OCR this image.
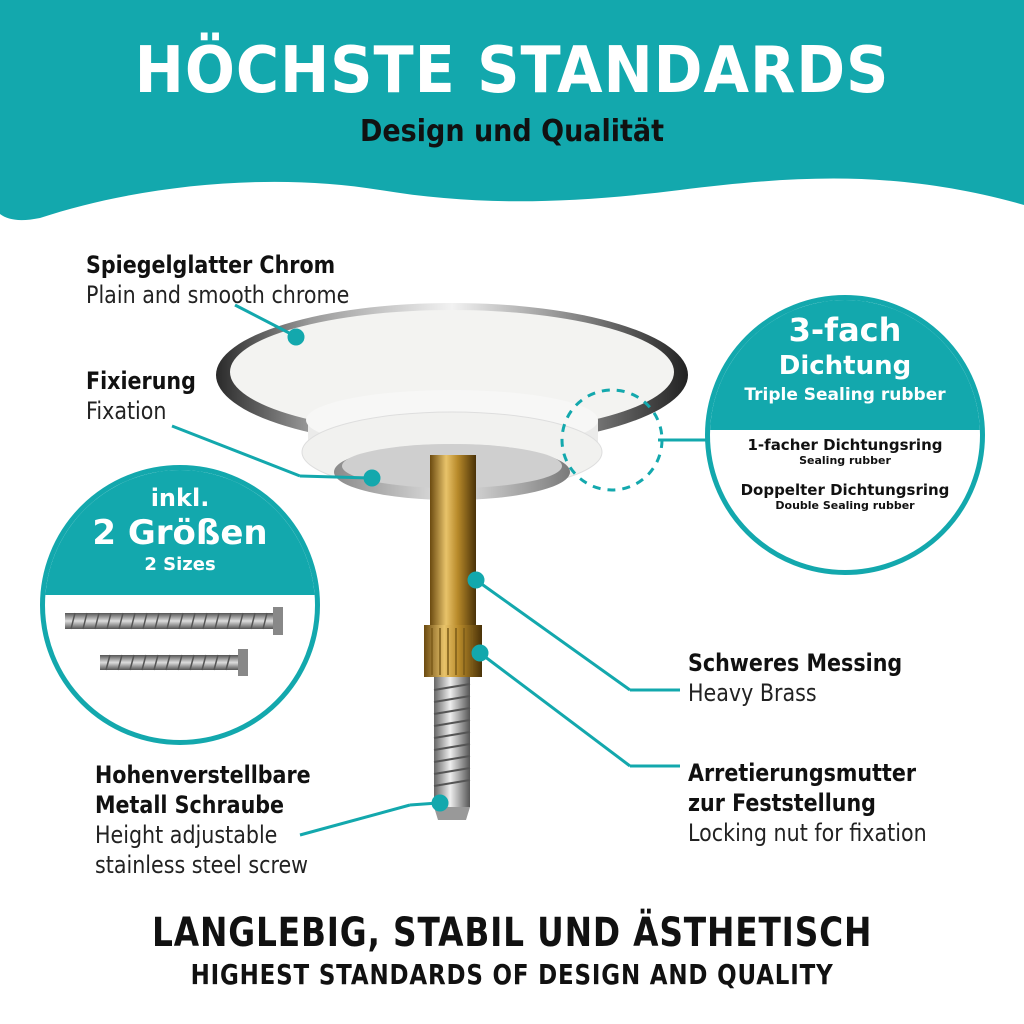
HÖCHSTE STANDARDS
Design und Qualität
Spiegelglatter Chrom
Plain and smooth chrome
Fixierung
Fixation
Schweres Messing
Heavy Brass
Arretierungsmutter
zur Feststellung
Locking nut for fixation
Hohenverstellbare
Metall Schraube
Height adjustable
stainless steel screw
inkl.
2 Größen
2 Sizes
3-fach
Dichtung
Triple Sealing rubber
1-facher Dichtungsring
Sealing rubber
Doppelter Dichtungsring
Double Sealing rubber
LANGLEBIG, STABIL UND ÄSTHETISCH
HIGHEST STANDARDS OF DESIGN AND QUALITY
